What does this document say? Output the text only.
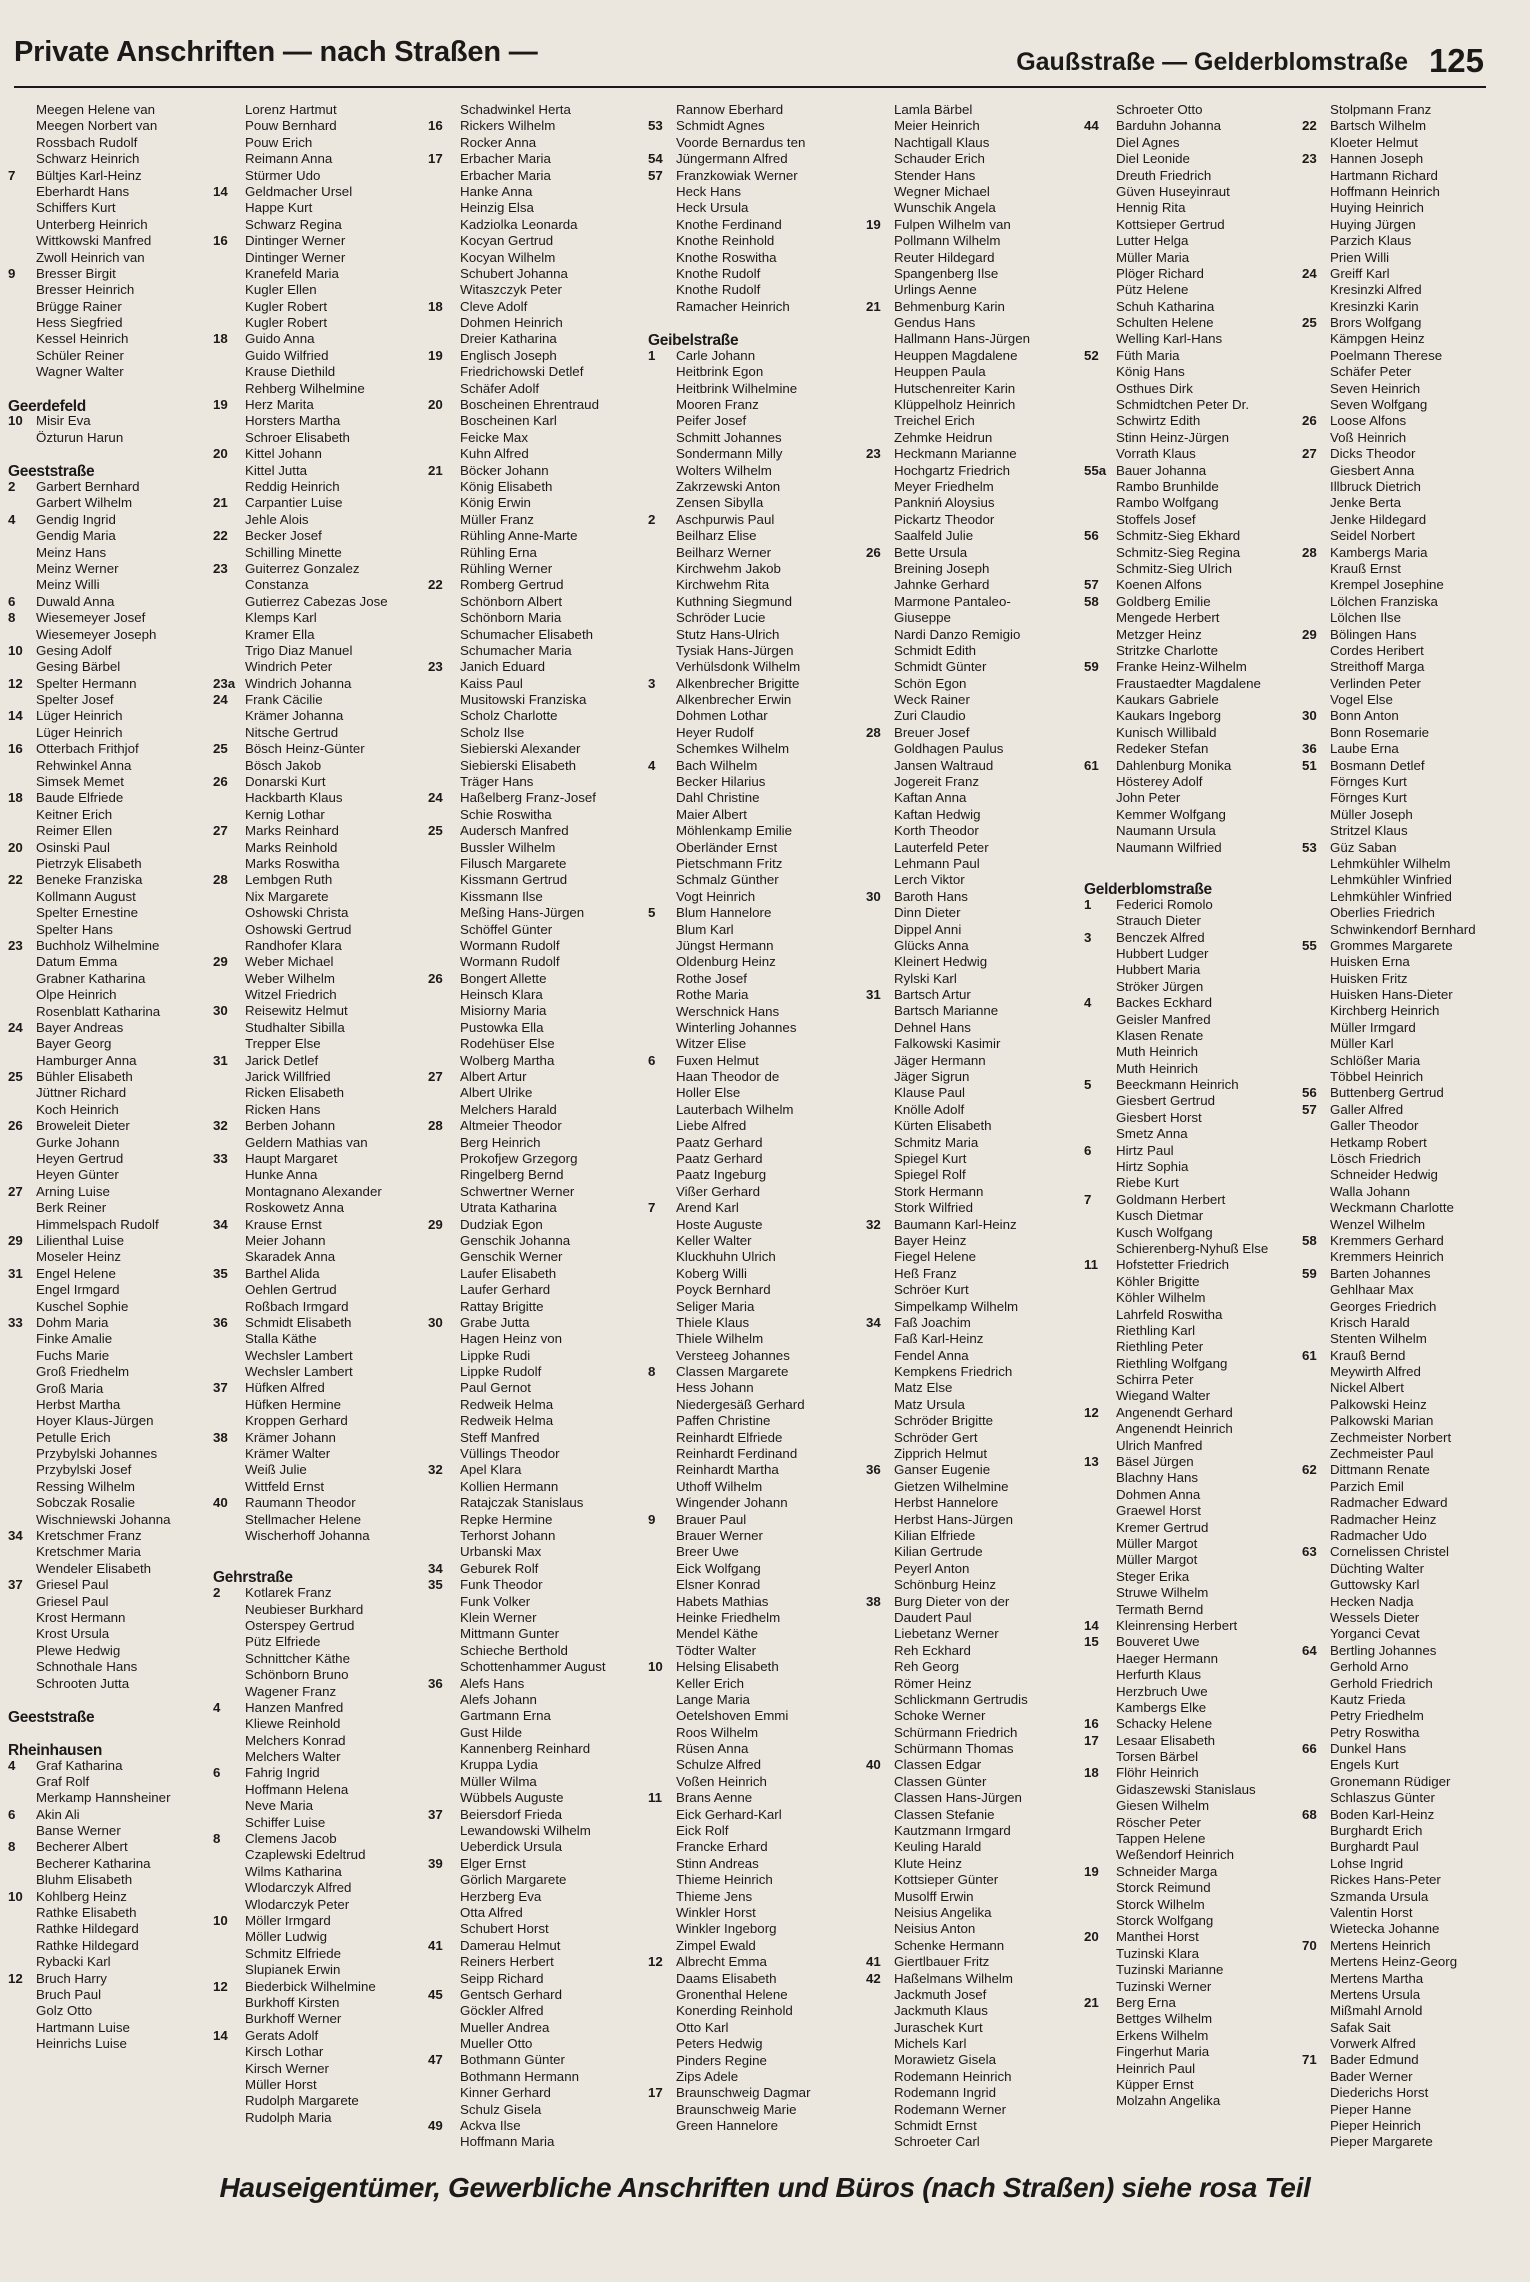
Private Anschriften — nach Straßen —	Gaußstraße — Gelderblomstraße 125
Meegen Helene van
Meegen Norbert van
Rossbach Rudolf
Schwarz Heinrich
7 Bültjes Karl-Heinz
Eberhardt Hans
Schiffers Kurt
Unterberg Heinrich
Wittkowski Manfred
Zwoll Heinrich van
9 Bresser Birgit
Bresser Heinrich
Brügge Rainer
Hess Siegfried
Kessel Heinrich
Schüler Reiner
Wagner Walter
Geerdefeld
10 Misir Eva
Özturun Harun
Geeststraße
2 Garbert Bernhard
Garbert Wilhelm
4 Gendig Ingrid
Gendig Maria
Meinz Hans
Meinz Werner
Meinz Willi
6 Duwald Anna
8 Wiesemeyer Josef
Wiesemeyer Joseph
10 Gesing Adolf
Gesing Bärbel
12 Spelter Hermann
Spelter Josef
14 Lüger Heinrich
Lüger Heinrich
16 Otterbach Frithjof
Rehwinkel Anna
Simsek Memet
18 Baude Elfriede
Keitner Erich
Reimer Ellen
20 Osinski Paul
Pietrzyk Elisabeth
22 Beneke Franziska
Kollmann August
Spelter Ernestine
Spelter Hans
23 Buchholz Wilhelmine
Datum Emma
Grabner Katharina
Olpe Heinrich
Rosenblatt Katharina
24 Bayer Andreas
Bayer Georg
Hamburger Anna
25 Bühler Elisabeth
Jüttner Richard
Koch Heinrich
26 Broweleit Dieter
Gurke Johann
Heyen Gertrud
Heyen Günter
27 Arning Luise
Berk Reiner
Himmelspach Rudolf
29 Lilienthal Luise
Moseler Heinz
31 Engel Helene
Engel Irmgard
Kuschel Sophie
33 Dohm Maria
Finke Amalie
Fuchs Marie
Groß Friedhelm
Groß Maria
Herbst Martha
Hoyer Klaus-Jürgen
Petulle Erich
Przybylski Johannes
Przybylski Josef
Ressing Wilhelm
Sobczak Rosalie
Wischniewski Johanna
34 Kretschmer Franz
Kretschmer Maria
Wendeler Elisabeth
37 Griesel Paul
Griesel Paul
Krost Hermann
Krost Ursula
Plewe Hedwig
Schnothale Hans
Schrooten Jutta
Geeststraße
Rheinhausen
4 Graf Katharina
Graf Rolf
Merkamp Hannsheiner
6 Akin Ali
Banse Werner
8 Becherer Albert
Becherer Katharina
Bluhm Elisabeth
10 Kohlberg Heinz
Rathke Elisabeth
Rathke Hildegard
Rathke Hildegard
Rybacki Karl
12 Bruch Harry
Bruch Paul
Golz Otto
Hartmann Luise
Heinrichs Luise
Lorenz Hartmut
Pouw Bernhard
Pouw Erich
Reimann Anna
Stürmer Udo
14 Geldmacher Ursel
Happe Kurt
Schwarz Regina
16 Dintinger Werner
Dintinger Werner
Kranefeld Maria
Kugler Ellen
Kugler Robert
Kugler Robert
18 Guido Anna
Guido Wilfried
Krause Diethild
Rehberg Wilhelmine
19 Herz Marita
Horsters Martha
Schroer Elisabeth
20 Kittel Johann
Kittel Jutta
Reddig Heinrich
21 Carpantier Luise
Jehle Alois
22 Becker Josef
Schilling Minette
23 Guiterrez Gonzalez
Constanza
Gutierrez Cabezas Jose
Klemps Karl
Kramer Ella
Trigo Diaz Manuel
Windrich Peter
23a Windrich Johanna
24 Frank Cäcilie
Krämer Johanna
Nitsche Gertrud
25 Bösch Heinz-Günter
Bösch Jakob
26 Donarski Kurt
Hackbarth Klaus
Kernig Lothar
27 Marks Reinhard
Marks Reinhold
Marks Roswitha
28 Lembgen Ruth
Nix Margarete
Oshowski Christa
Oshowski Gertrud
Randhofer Klara
29 Weber Michael
Weber Wilhelm
Witzel Friedrich
30 Reisewitz Helmut
Studhalter Sibilla
Trepper Else
31 Jarick Detlef
Jarick Willfried
Ricken Elisabeth
Ricken Hans
32 Berben Johann
Geldern Mathias van
33 Haupt Margaret
Hunke Anna
Montagnano Alexander
Roskowetz Anna
34 Krause Ernst
Meier Johann
Skaradek Anna
35 Barthel Alida
Oehlen Gertrud
Roßbach Irmgard
36 Schmidt Elisabeth
Stalla Käthe
Wechsler Lambert
Wechsler Lambert
37 Hüfken Alfred
Hüfken Hermine
Kroppen Gerhard
38 Krämer Johann
Krämer Walter
Weiß Julie
Wittfeld Ernst
40 Raumann Theodor
Stellmacher Helene
Wischerhoff Johanna
Gehrstraße
2 Kotlarek Franz
Neubieser Burkhard
Osterspey Gertrud
Pütz Elfriede
Schnittcher Käthe
Schönborn Bruno
Wagener Franz
4 Hanzen Manfred
Kliewe Reinhold
Melchers Konrad
Melchers Walter
6 Fahrig Ingrid
Hoffmann Helena
Neve Maria
Schiffer Luise
8 Clemens Jacob
Czaplewski Edeltrud
Wilms Katharina
Wlodarczyk Alfred
Wlodarczyk Peter
10 Möller Irmgard
Möller Ludwig
Schmitz Elfriede
Slupianek Erwin
12 Biederbick Wilhelmine
Burkhoff Kirsten
Burkhoff Werner
14 Gerats Adolf
Kirsch Lothar
Kirsch Werner
Müller Horst
Rudolph Margarete
Rudolph Maria
Schadwinkel Herta
16 Rickers Wilhelm
Rocker Anna
17 Erbacher Maria
Erbacher Maria
Hanke Anna
Heinzig Elsa
Kadziolka Leonarda
Kocyan Gertrud
Kocyan Wilhelm
Schubert Johanna
Witaszczyk Peter
18 Cleve Adolf
Dohmen Heinrich
Dreier Katharina
19 Englisch Joseph
Friedrichowski Detlef
Schäfer Adolf
20 Boscheinen Ehrentraud
Boscheinen Karl
Feicke Max
Kuhn Alfred
21 Böcker Johann
König Elisabeth
König Erwin
Müller Franz
Rühling Anne-Marte
Rühling Erna
Rühling Werner
22 Romberg Gertrud
Schönborn Albert
Schönborn Maria
Schumacher Elisabeth
Schumacher Maria
23 Janich Eduard
Kaiss Paul
Musitowski Franziska
Scholz Charlotte
Scholz Ilse
Siebierski Alexander
Siebierski Elisabeth
Träger Hans
24 Haßelberg Franz-Josef
Schie Roswitha
25 Audersch Manfred
Bussler Wilhelm
Filusch Margarete
Kissmann Gertrud
Kissmann Ilse
Meßing Hans-Jürgen
Schöffel Günter
Wormann Rudolf
Wormann Rudolf
26 Bongert Allette
Heinsch Klara
Misiorny Maria
Pustowka Ella
Rodehüser Else
Wolberg Martha
27 Albert Artur
Albert Ulrike
Melchers Harald
28 Altmeier Theodor
Berg Heinrich
Prokofjew Grzegorg
Ringelberg Bernd
Schwertner Werner
Utrata Katharina
29 Dudziak Egon
Genschik Johanna
Genschik Werner
Laufer Elisabeth
Laufer Gerhard
Rattay Brigitte
30 Grabe Jutta
Hagen Heinz von
Lippke Rudi
Lippke Rudolf
Paul Gernot
Redweik Helma
Redweik Helma
Steff Manfred
Vüllings Theodor
32 Apel Klara
Kollien Hermann
Ratajczak Stanislaus
Repke Hermine
Terhorst Johann
Urbanski Max
34 Geburek Rolf
35 Funk Theodor
Funk Volker
Klein Werner
Mittmann Gunter
Schieche Berthold
Schottenhammer August
36 Alefs Hans
Alefs Johann
Gartmann Erna
Gust Hilde
Kannenberg Reinhard
Kruppa Lydia
Müller Wilma
Wübbels Auguste
37 Beiersdorf Frieda
Lewandowski Wilhelm
Ueberdick Ursula
39 Elger Ernst
Görlich Margarete
Herzberg Eva
Otta Alfred
Schubert Horst
41 Damerau Helmut
Reiners Herbert
Seipp Richard
45 Gentsch Gerhard
Göckler Alfred
Mueller Andrea
Mueller Otto
47 Bothmann Günter
Bothmann Hermann
Kinner Gerhard
Schulz Gisela
49 Ackva Ilse
Hoffmann Maria
Rannow Eberhard
53 Schmidt Agnes
Voorde Bernardus ten
54 Jüngermann Alfred
57 Franzkowiak Werner
Heck Hans
Heck Ursula
Knothe Ferdinand
Knothe Reinhold
Knothe Roswitha
Knothe Rudolf
Knothe Rudolf
Ramacher Heinrich
Geibelstraße
1 Carle Johann
Heitbrink Egon
Heitbrink Wilhelmine
Mooren Franz
Peifer Josef
Schmitt Johannes
Sondermann Milly
Wolters Wilhelm
Zakrzewski Anton
Zensen Sibylla
2 Aschpurwis Paul
Beilharz Elise
Beilharz Werner
Kirchwehm Jakob
Kirchwehm Rita
Kuthning Siegmund
Schröder Lucie
Stutz Hans-Ulrich
Tysiak Hans-Jürgen
Verhülsdonk Wilhelm
3 Alkenbrecher Brigitte
Alkenbrecher Erwin
Dohmen Lothar
Heyer Rudolf
Schemkes Wilhelm
4 Bach Wilhelm
Becker Hilarius
Dahl Christine
Maier Albert
Möhlenkamp Emilie
Oberländer Ernst
Pietschmann Fritz
Schmalz Günther
Vogt Heinrich
5 Blum Hannelore
Blum Karl
Jüngst Hermann
Oldenburg Heinz
Rothe Josef
Rothe Maria
Werschnick Hans
Winterling Johannes
Witzer Elise
6 Fuxen Helmut
Haan Theodor de
Holler Else
Lauterbach Wilhelm
Liebe Alfred
Paatz Gerhard
Paatz Gerhard
Paatz Ingeburg
Vißer Gerhard
7 Arend Karl
Hoste Auguste
Keller Walter
Kluckhuhn Ulrich
Koberg Willi
Poyck Bernhard
Seliger Maria
Thiele Klaus
Thiele Wilhelm
Versteeg Johannes
8 Classen Margarete
Hess Johann
Niedergesäß Gerhard
Paffen Christine
Reinhardt Elfriede
Reinhardt Ferdinand
Reinhardt Martha
Uthoff Wilhelm
Wingender Johann
9 Brauer Paul
Brauer Werner
Breer Uwe
Eick Wolfgang
Elsner Konrad
Habets Mathias
Heinke Friedhelm
Mendel Käthe
Tödter Walter
10 Helsing Elisabeth
Keller Erich
Lange Maria
Oetelshoven Emmi
Roos Wilhelm
Rüsen Anna
Schulze Alfred
Voßen Heinrich
11 Brans Aenne
Eick Gerhard-Karl
Eick Rolf
Francke Erhard
Stinn Andreas
Thieme Heinrich
Thieme Jens
Winkler Horst
Winkler Ingeborg
Zimpel Ewald
12 Albrecht Emma
Daams Elisabeth
Gronenthal Helene
Konerding Reinhold
Otto Karl
Peters Hedwig
Pinders Regine
Zips Adele
17 Braunschweig Dagmar
Braunschweig Marie
Green Hannelore
Lamla Bärbel
Meier Heinrich
Nachtigall Klaus
Schauder Erich
Stender Hans
Wegner Michael
Wunschik Angela
19 Fulpen Wilhelm van
Pollmann Wilhelm
Reuter Hildegard
Spangenberg Ilse
Urlings Aenne
21 Behmenburg Karin
Gendus Hans
Hallmann Hans-Jürgen
Heuppen Magdalene
Heuppen Paula
Hutschenreiter Karin
Klüppelholz Heinrich
Treichel Erich
Zehmke Heidrun
23 Heckmann Marianne
Hochgartz Friedrich
Meyer Friedhelm
Pankniń Aloysius
Pickartz Theodor
Saalfeld Julie
26 Bette Ursula
Breining Joseph
Jahnke Gerhard
Marmone Pantaleo-
Giuseppe
Nardi Danzo Remigio
Schmidt Edith
Schmidt Günter
Schön Egon
Weck Rainer
Zuri Claudio
28 Breuer Josef
Goldhagen Paulus
Jansen Waltraud
Jogereit Franz
Kaftan Anna
Kaftan Hedwig
Korth Theodor
Lauterfeld Peter
Lehmann Paul
Lerch Viktor
30 Baroth Hans
Dinn Dieter
Dippel Anni
Glücks Anna
Kleinert Hedwig
Rylski Karl
31 Bartsch Artur
Bartsch Marianne
Dehnel Hans
Falkowski Kasimir
Jäger Hermann
Jäger Sigrun
Klause Paul
Knölle Adolf
Kürten Elisabeth
Schmitz Maria
Spiegel Kurt
Spiegel Rolf
Stork Hermann
Stork Wilfried
32 Baumann Karl-Heinz
Bayer Heinz
Fiegel Helene
Heß Franz
Schröer Kurt
Simpelkamp Wilhelm
34 Faß Joachim
Faß Karl-Heinz
Fendel Anna
Kempkens Friedrich
Matz Else
Matz Ursula
Schröder Brigitte
Schröder Gert
Zipprich Helmut
36 Ganser Eugenie
Gietzen Wilhelmine
Herbst Hannelore
Herbst Hans-Jürgen
Kilian Elfriede
Kilian Gertrude
Peyerl Anton
Schönburg Heinz
38 Burg Dieter von der
Daudert Paul
Liebetanz Werner
Reh Eckhard
Reh Georg
Römer Heinz
Schlickmann Gertrudis
Schoke Werner
Schürmann Friedrich
Schürmann Thomas
40 Classen Edgar
Classen Günter
Classen Hans-Jürgen
Classen Stefanie
Kautzmann Irmgard
Keuling Harald
Klute Heinz
Kottsieper Günter
Musolff Erwin
Neisius Angelika
Neisius Anton
Schenke Hermann
41 Giertlbauer Fritz
42 Haßelmans Wilhelm
Jackmuth Josef
Jackmuth Klaus
Juraschek Kurt
Michels Karl
Morawietz Gisela
Rodemann Heinrich
Rodemann Ingrid
Rodemann Werner
Schmidt Ernst
Schroeter Carl
Schroeter Otto
44 Barduhn Johanna
Diel Agnes
Diel Leonide
Dreuth Friedrich
Güven Huseyinraut
Hennig Rita
Kottsieper Gertrud
Lutter Helga
Müller Maria
Plöger Richard
Pütz Helene
Schuh Katharina
Schulten Helene
Welling Karl-Hans
52 Füth Maria
König Hans
Osthues Dirk
Schmidtchen Peter Dr.
Schwirtz Edith
Stinn Heinz-Jürgen
Vorrath Klaus
55a Bauer Johanna
Rambo Brunhilde
Rambo Wolfgang
Stoffels Josef
56 Schmitz-Sieg Ekhard
Schmitz-Sieg Regina
Schmitz-Sieg Ulrich
57 Koenen Alfons
58 Goldberg Emilie
Mengede Herbert
Metzger Heinz
Stritzke Charlotte
59 Franke Heinz-Wilhelm
Fraustaedter Magdalene
Kaukars Gabriele
Kaukars Ingeborg
Kunisch Willibald
Redeker Stefan
61 Dahlenburg Monika
Hösterey Adolf
John Peter
Kemmer Wolfgang
Naumann Ursula
Naumann Wilfried
Gelderblomstraße
1 Federici Romolo
Strauch Dieter
3 Benczek Alfred
Hubbert Ludger
Hubbert Maria
Ströker Jürgen
4 Backes Eckhard
Geisler Manfred
Klasen Renate
Muth Heinrich
Muth Heinrich
5 Beeckmann Heinrich
Giesbert Gertrud
Giesbert Horst
Smetz Anna
6 Hirtz Paul
Hirtz Sophia
Riebe Kurt
7 Goldmann Herbert
Kusch Dietmar
Kusch Wolfgang
Schierenberg-Nyhuß Else
11 Hofstetter Friedrich
Köhler Brigitte
Köhler Wilhelm
Lahrfeld Roswitha
Riethling Karl
Riethling Peter
Riethling Wolfgang
Schirra Peter
Wiegand Walter
12 Angenendt Gerhard
Angenendt Heinrich
Ulrich Manfred
13 Bäsel Jürgen
Blachny Hans
Dohmen Anna
Graewel Horst
Kremer Gertrud
Müller Margot
Müller Margot
Steger Erika
Struwe Wilhelm
Termath Bernd
14 Kleinrensing Herbert
15 Bouveret Uwe
Haeger Hermann
Herfurth Klaus
Herzbruch Uwe
Kambergs Elke
16 Schacky Helene
17 Lesaar Elisabeth
Torsen Bärbel
18 Flöhr Heinrich
Gidaszewski Stanislaus
Giesen Wilhelm
Röscher Peter
Tappen Helene
Weßendorf Heinrich
19 Schneider Marga
Storck Reimund
Storck Wilhelm
Storck Wolfgang
20 Manthei Horst
Tuzinski Klara
Tuzinski Marianne
Tuzinski Werner
21 Berg Erna
Bettges Wilhelm
Erkens Wilhelm
Fingerhut Maria
Heinrich Paul
Küpper Ernst
Molzahn Angelika
Stolpmann Franz
22 Bartsch Wilhelm
Kloeter Helmut
23 Hannen Joseph
Hartmann Richard
Hoffmann Heinrich
Huying Heinrich
Huying Jürgen
Parzich Klaus
Prien Willi
24 Greiff Karl
Kresinzki Alfred
Kresinzki Karin
25 Brors Wolfgang
Kämpgen Heinz
Poelmann Therese
Schäfer Peter
Seven Heinrich
Seven Wolfgang
26 Loose Alfons
Voß Heinrich
27 Dicks Theodor
Giesbert Anna
Illbruck Dietrich
Jenke Berta
Jenke Hildegard
Seidel Norbert
28 Kambergs Maria
Krauß Ernst
Krempel Josephine
Lölchen Franziska
Lölchen Ilse
29 Bölingen Hans
Cordes Heribert
Streithoff Marga
Verlinden Peter
Vogel Else
30 Bonn Anton
Bonn Rosemarie
36 Laube Erna
51 Bosmann Detlef
Förnges Kurt
Förnges Kurt
Müller Joseph
Stritzel Klaus
53 Güz Saban
Lehmkühler Wilhelm
Lehmkühler Winfried
Lehmkühler Winfried
Oberlies Friedrich
Schwinkendorf Bernhard
55 Grommes Margarete
Huisken Erna
Huisken Fritz
Huisken Hans-Dieter
Kirchberg Heinrich
Müller Irmgard
Müller Karl
Schlößer Maria
Többel Heinrich
56 Buttenberg Gertrud
57 Galler Alfred
Galler Theodor
Hetkamp Robert
Lösch Friedrich
Schneider Hedwig
Walla Johann
Weckmann Charlotte
Wenzel Wilhelm
58 Kremmers Gerhard
Kremmers Heinrich
59 Barten Johannes
Gehlhaar Max
Georges Friedrich
Krisch Harald
Stenten Wilhelm
61 Krauß Bernd
Meywirth Alfred
Nickel Albert
Palkowski Heinz
Palkowski Marian
Zechmeister Norbert
Zechmeister Paul
62 Dittmann Renate
Parzich Emil
Radmacher Edward
Radmacher Heinz
Radmacher Udo
63 Cornelissen Christel
Düchting Walter
Guttowsky Karl
Hecken Nadja
Wessels Dieter
Yorganci Cevat
64 Bertling Johannes
Gerhold Arno
Gerhold Friedrich
Kautz Frieda
Petry Friedhelm
Petry Roswitha
66 Dunkel Hans
Engels Kurt
Gronemann Rüdiger
Schlaszus Günter
68 Boden Karl-Heinz
Burghardt Erich
Burghardt Paul
Lohse Ingrid
Rickes Hans-Peter
Szmanda Ursula
Valentin Horst
Wietecka Johanne
70 Mertens Heinrich
Mertens Heinz-Georg
Mertens Martha
Mertens Ursula
Mißmahl Arnold
Safak Sait
Vorwerk Alfred
71 Bader Edmund
Bader Werner
Diederichs Horst
Pieper Hanne
Pieper Heinrich
Pieper Margarete
Hauseigentümer, Gewerbliche Anschriften und Büros (nach Straßen) siehe rosa Teil
